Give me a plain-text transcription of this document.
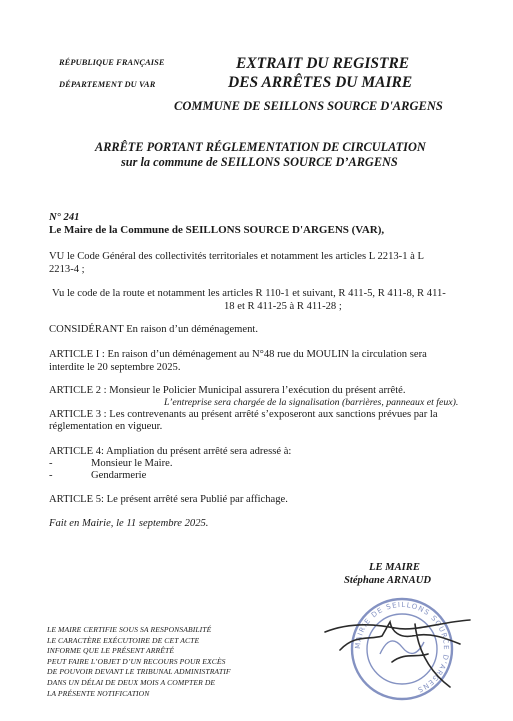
RÉPUBLIQUE FRANÇAISE
DÉPARTEMENT DU VAR
EXTRAIT DU REGISTRE
DES ARRÊTES DU MAIRE
COMMUNE DE SEILLONS SOURCE D'ARGENS
ARRÊTE PORTANT RÉGLEMENTATION DE CIRCULATION
sur la commune de SEILLONS SOURCE D’ARGENS
N° 241
Le Maire de la Commune de SEILLONS SOURCE D'ARGENS (VAR),
VU le Code Général des collectivités territoriales et notamment les articles L 2213-1 à L
2213-4 ;
Vu le code de la route et notamment les articles R 110-1 et suivant, R 411-5, R 411-8, R 411-
18 et R 411-25 à R 411-28 ;
CONSIDÉRANT En raison d’un déménagement.
ARTICLE I : En raison d’un déménagement au N°48 rue du MOULIN la circulation sera
interdite le 20 septembre 2025.
ARTICLE 2 : Monsieur le Policier Municipal assurera l’exécution du présent arrêté.
L’entreprise sera chargée de la signalisation (barrières, panneaux et feux).
ARTICLE 3 : Les contrevenants au présent arrêté s’exposeront aux sanctions prévues par la
réglementation en vigueur.
ARTICLE 4: Ampliation du présent arrêté sera adressé à:
-	Monsieur le Maire.
-	Gendarmerie
ARTICLE 5: Le présent arrêté sera Publié par affichage.
Fait en Mairie, le 11 septembre 2025.
LE MAIRE
Stéphane ARNAUD
MAIRIE DE SEILLONS SOURCE D'ARGENS
LE MAIRE CERTIFIE SOUS SA RESPONSABILITÉ
LE CARACTÈRE EXÉCUTOIRE DE CET ACTE
INFORME QUE LE PRÉSENT ARRÊTÉ
PEUT FAIRE L’OBJET D’UN RECOURS POUR EXCÈS
DE POUVOIR DEVANT LE TRIBUNAL ADMINISTRATIF
DANS UN DÉLAI DE DEUX MOIS A COMPTER DE
LA PRÉSENTE NOTIFICATION
